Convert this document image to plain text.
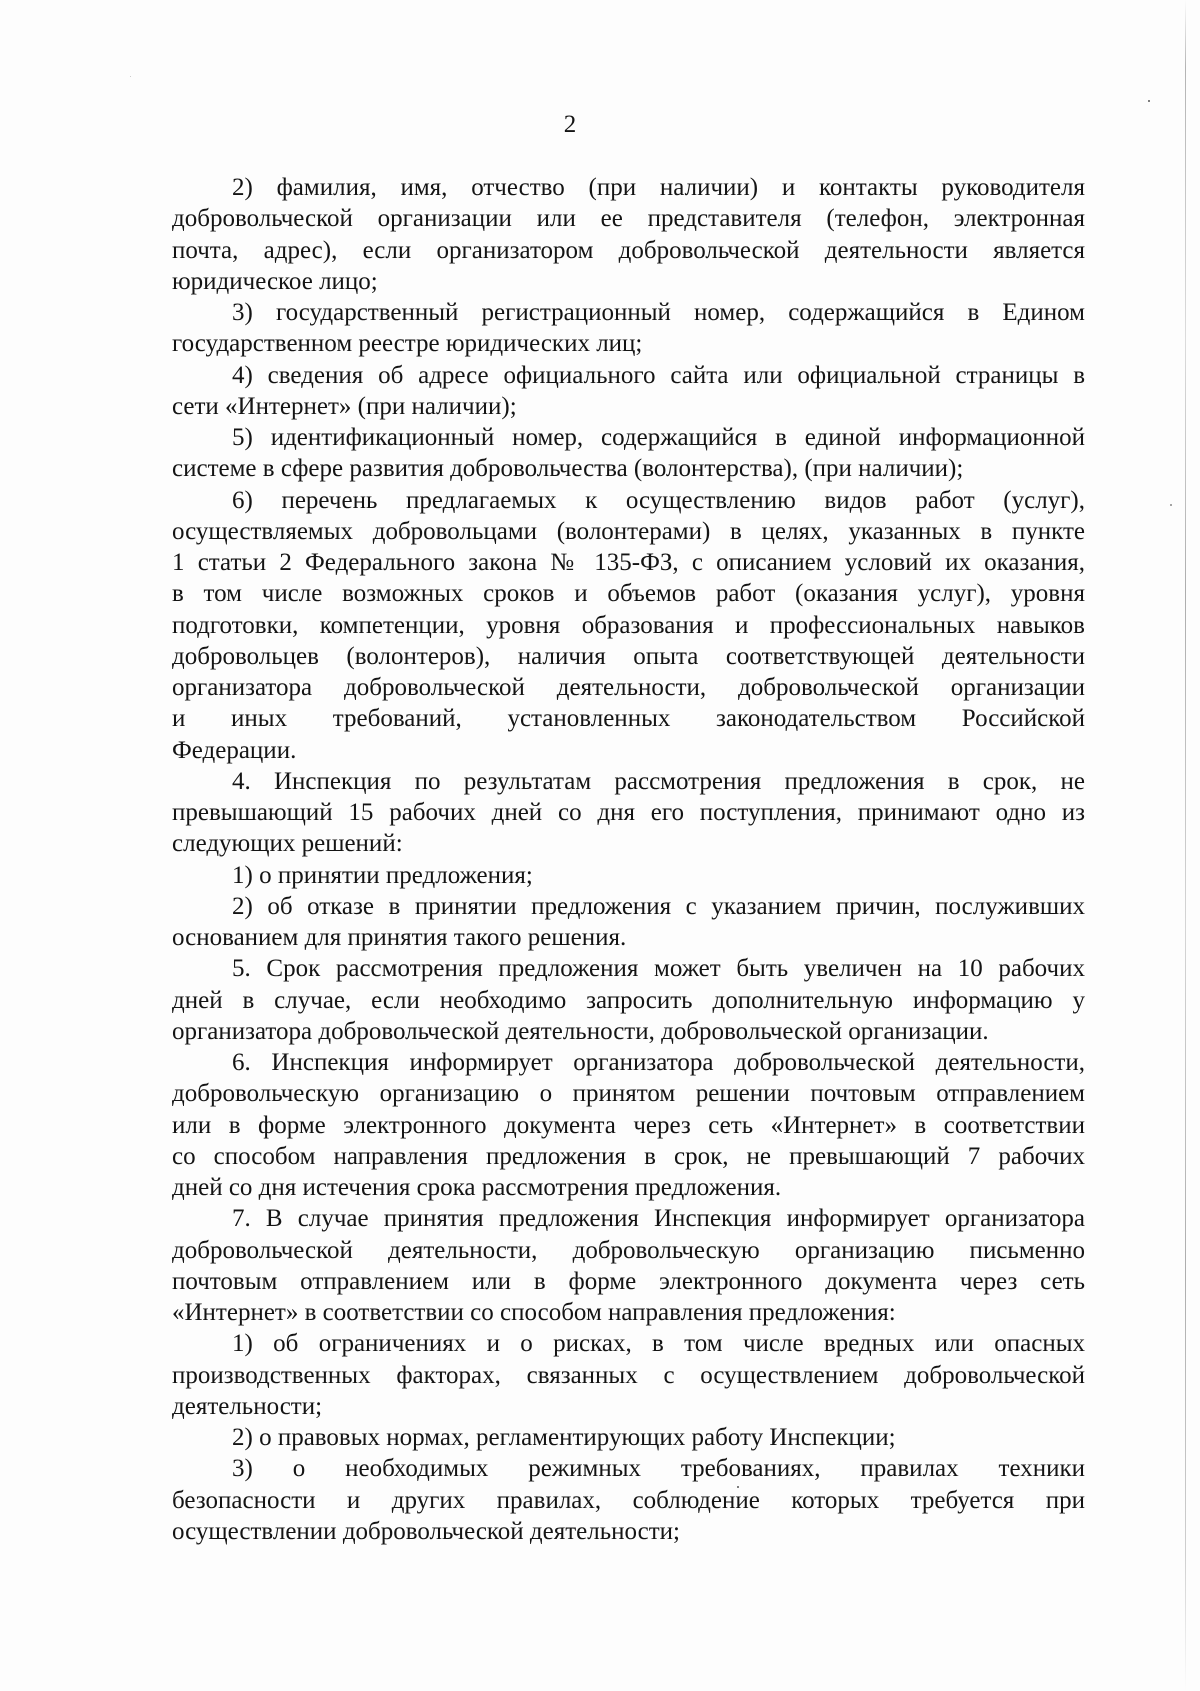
2
2) фамилия, имя, отчество (при наличии) и контакты руководителя
добровольческой организации или ее представителя (телефон, электронная
почта, адрес), если организатором добровольческой деятельности является
юридическое лицо;
3) государственный регистрационный номер, содержащийся в Едином
государственном реестре юридических лиц;
4) сведения об адресе официального сайта или официальной страницы в
сети «Интернет» (при наличии);
5) идентификационный номер, содержащийся в единой информационной
системе в сфере развития добровольчества (волонтерства), (при наличии);
6) перечень предлагаемых к осуществлению видов работ (услуг),
осуществляемых добровольцами (волонтерами) в целях, указанных в пункте
1 статьи 2 Федерального закона № 135-ФЗ, с описанием условий их оказания,
в том числе возможных сроков и объемов работ (оказания услуг), уровня
подготовки, компетенции, уровня образования и профессиональных навыков
добровольцев (волонтеров), наличия опыта соответствующей деятельности
организатора добровольческой деятельности, добровольческой организации
и иных требований, установленных законодательством Российской
Федерации.
4. Инспекция по результатам рассмотрения предложения в срок, не
превышающий 15 рабочих дней со дня его поступления, принимают одно из
следующих решений:
1) о принятии предложения;
2) об отказе в принятии предложения с указанием причин, послуживших
основанием для принятия такого решения.
5. Срок рассмотрения предложения может быть увеличен на 10 рабочих
дней в случае, если необходимо запросить дополнительную информацию у
организатора добровольческой деятельности, добровольческой организации.
6. Инспекция информирует организатора добровольческой деятельности,
добровольческую организацию о принятом решении почтовым отправлением
или в форме электронного документа через сеть «Интернет» в соответствии
со способом направления предложения в срок, не превышающий 7 рабочих
дней со дня истечения срока рассмотрения предложения.
7. В случае принятия предложения Инспекция информирует организатора
добровольческой деятельности, добровольческую организацию письменно
почтовым отправлением или в форме электронного документа через сеть
«Интернет» в соответствии со способом направления предложения:
1) об ограничениях и о рисках, в том числе вредных или опасных
производственных факторах, связанных с осуществлением добровольческой
деятельности;
2) о правовых нормах, регламентирующих работу Инспекции;
3) о необходимых режимных требованиях, правилах техники
безопасности и других правилах, соблюдение которых требуется при
осуществлении добровольческой деятельности;
